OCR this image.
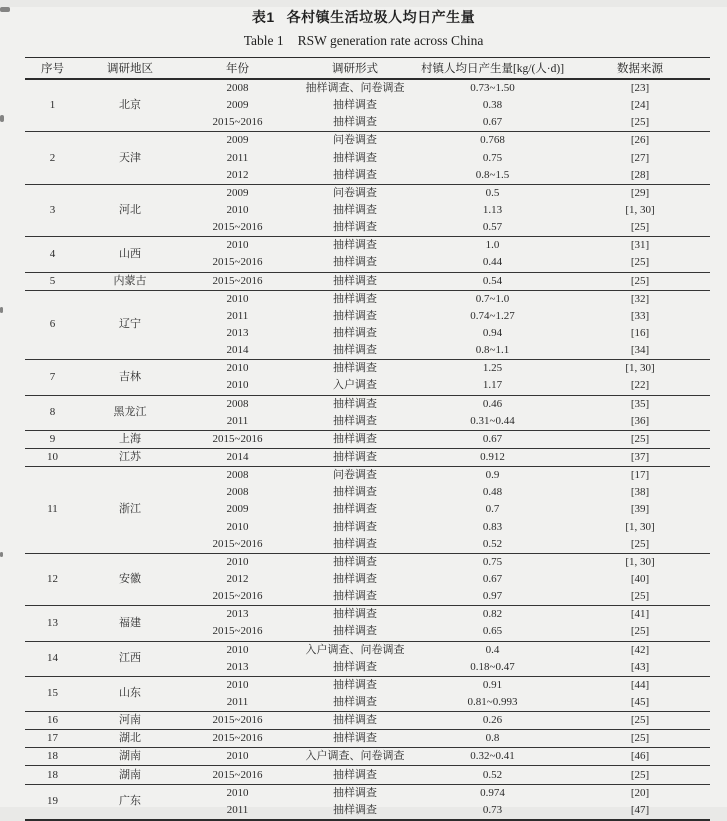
表1 各村镇生活垃圾人均日产生量
Table 1 RSW generation rate across China
序号	调研地区	年份	调研形式	村镇人均日产生量[kg/(人·d)]	数据来源
1	北京	2008	抽样调查、问卷调查	0.73~1.50	[23]
		2009	抽样调查	0.38	[24]
		2015~2016	抽样调查	0.67	[25]
2	天津	2009	问卷调查	0.768	[26]
		2011	抽样调查	0.75	[27]
		2012	抽样调查	0.8~1.5	[28]
3	河北	2009	问卷调查	0.5	[29]
		2010	抽样调查	1.13	[1, 30]
		2015~2016	抽样调查	0.57	[25]
4	山西	2010	抽样调查	1.0	[31]
		2015~2016	抽样调查	0.44	[25]
5	内蒙古	2015~2016	抽样调查	0.54	[25]
6	辽宁	2010	抽样调查	0.7~1.0	[32]
		2011	抽样调查	0.74~1.27	[33]
		2013	抽样调查	0.94	[16]
		2014	抽样调查	0.8~1.1	[34]
7	吉林	2010	抽样调查	1.25	[1, 30]
		2010	入户调查	1.17	[22]
8	黑龙江	2008	抽样调查	0.46	[35]
		2011	抽样调查	0.31~0.44	[36]
9	上海	2015~2016	抽样调查	0.67	[25]
10	江苏	2014	抽样调查	0.912	[37]
11	浙江	2008	问卷调查	0.9	[17]
		2008	抽样调查	0.48	[38]
		2009	抽样调查	0.7	[39]
		2010	抽样调查	0.83	[1, 30]
		2015~2016	抽样调查	0.52	[25]
12	安徽	2010	抽样调查	0.75	[1, 30]
		2012	抽样调查	0.67	[40]
		2015~2016	抽样调查	0.97	[25]
13	福建	2013	抽样调查	0.82	[41]
		2015~2016	抽样调查	0.65	[25]
14	江西	2010	入户调查、问卷调查	0.4	[42]
		2013	抽样调查	0.18~0.47	[43]
15	山东	2010	抽样调查	0.91	[44]
		2011	抽样调查	0.81~0.993	[45]
16	河南	2015~2016	抽样调查	0.26	[25]
17	湖北	2015~2016	抽样调查	0.8	[25]
18	湖南	2010	入户调查、问卷调查	0.32~0.41	[46]
18	湖南	2015~2016	抽样调查	0.52	[25]
19	广东	2010	抽样调查	0.974	[20]
		2011	抽样调查	0.73	[47]
